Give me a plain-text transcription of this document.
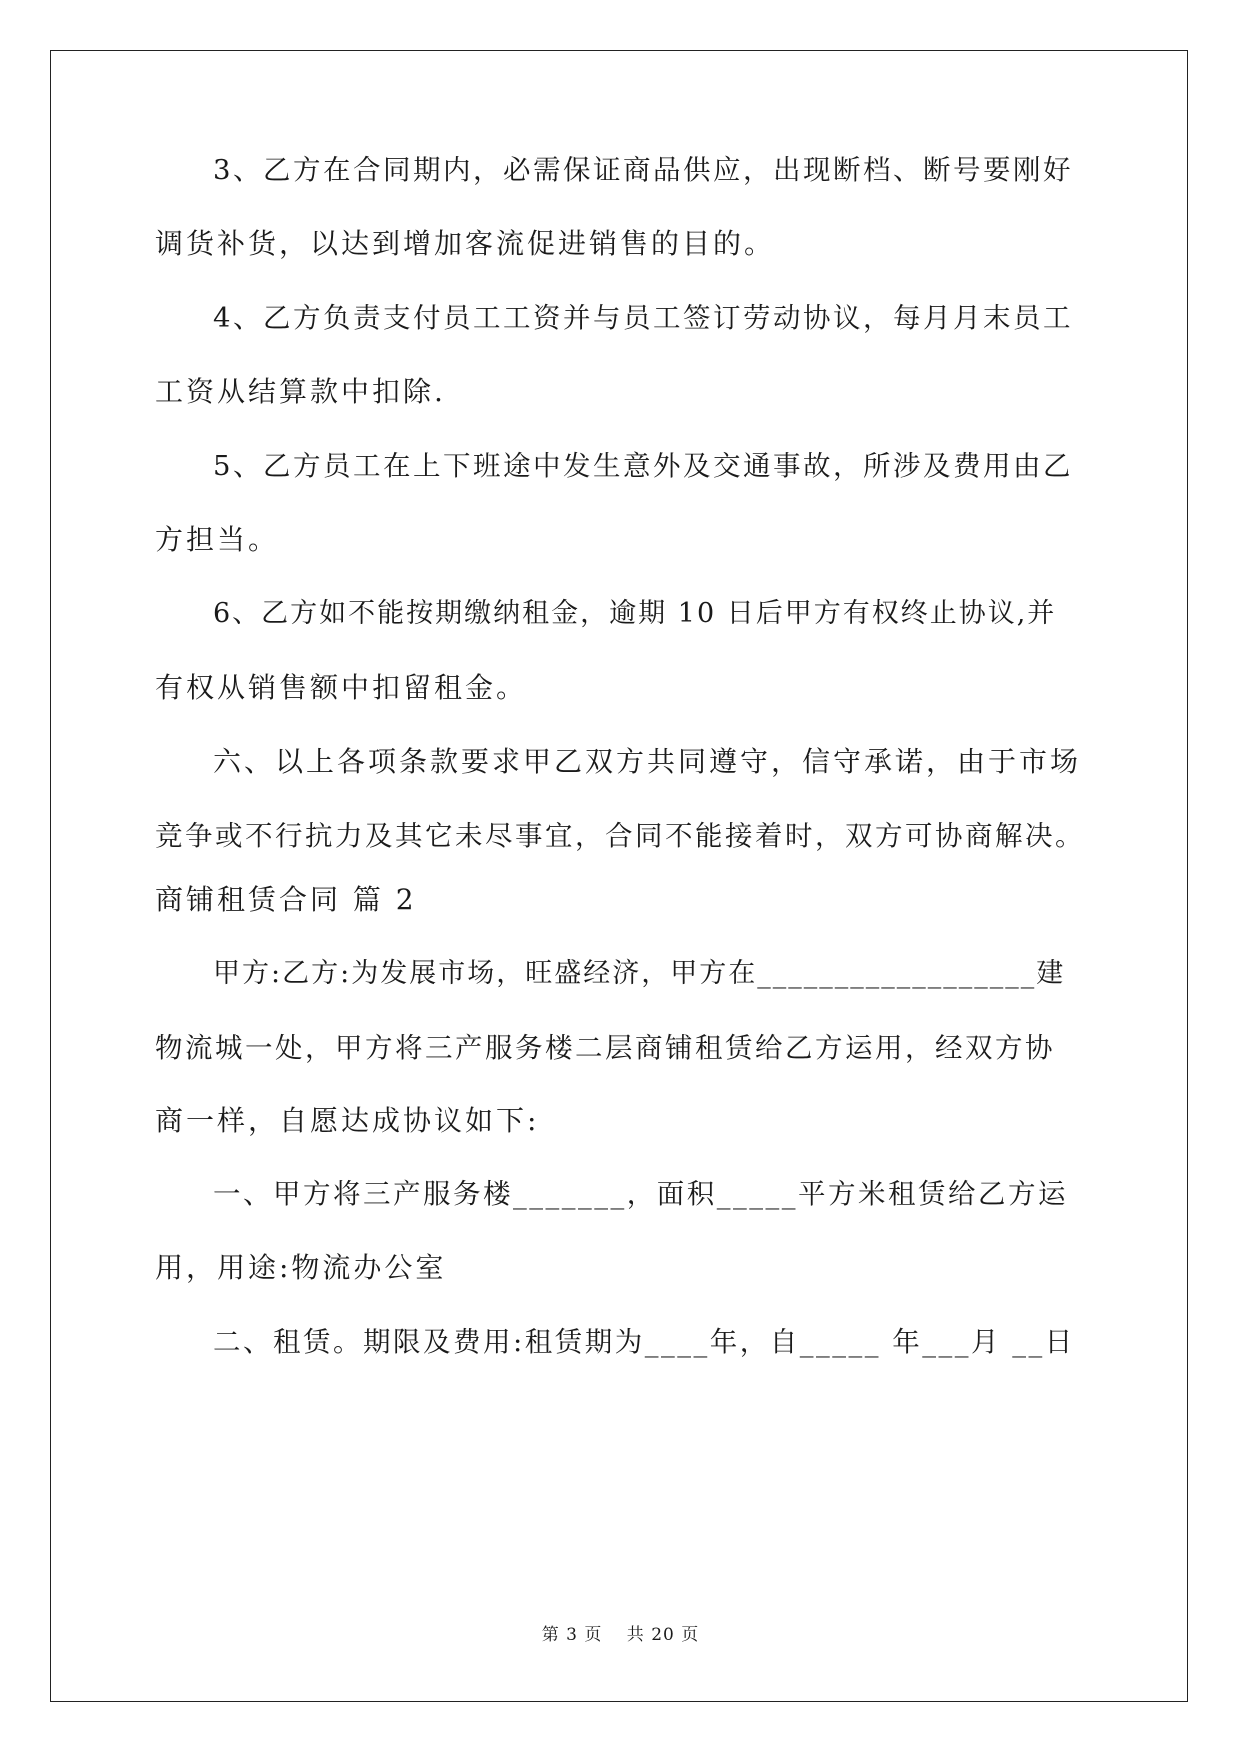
3、乙方在合同期内，必需保证商品供应，出现断档、断号要刚好
调货补货，以达到增加客流促进销售的目的。
4、乙方负责支付员工工资并与员工签订劳动协议，每月月末员工
工资从结算款中扣除.
5、乙方员工在上下班途中发生意外及交通事故，所涉及费用由乙
方担当。
6、乙方如不能按期缴纳租金，逾期 10 日后甲方有权终止协议,并
有权从销售额中扣留租金。
六、以上各项条款要求甲乙双方共同遵守，信守承诺，由于市场
竞争或不行抗力及其它未尽事宜，合同不能接着时，双方可协商解决。
商铺租赁合同 篇 2
甲方:乙方:为发展市场，旺盛经济，甲方在__________________建
物流城一处，甲方将三产服务楼二层商铺租赁给乙方运用，经双方协
商一样，自愿达成协议如下:
一、甲方将三产服务楼_______，面积_____平方米租赁给乙方运
用，用途:物流办公室
二、租赁。期限及费用:租赁期为____年，自_____ 年___月 __日
第 3 页　 共 20 页
